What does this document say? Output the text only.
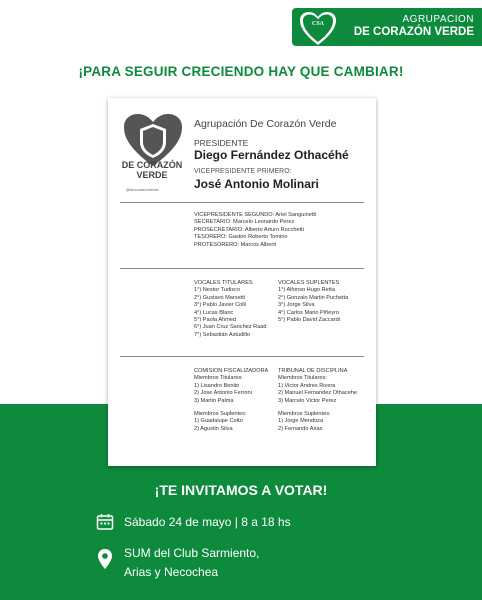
CSA	AGRUPACION
DE CORAZÓN VERDE
¡PARA SEGUIR CRECIENDO HAY QUE CAMBIAR!
DE CORAZÓN VERDE
@decorazonverde
Agrupación De Corazón Verde
PRESIDENTE
Diego Fernández Othacéhé
VICEPRESIDENTE PRIMERO:
José Antonio Molinari
VICEPRESIDENTE SEGUNDO: Ariel Sanguinetti
SECRETARIO: Marcelo Leonardo Perez
PROSECRETARIO: Alberto Arturo Rocchetti
TESORERO: Gaston Roberto Tomino
PROTESORERO: Marcos Alberti
VOCALES TITULARES
1°) Nestor Tudisco
2°) Gustavo Marsetti
3°) Pablo Javier Colli
4°) Lucas Blanc
5°) Paola Ahmed
6°) Juan Cruz Sanchez Raad
7°) Sebastián Astudillo
VOCALES SUPLENTES
1°) Alfonso Hugo Retta
2°) Gonzalo Martin Puchetta
3°) Jorge Silva
4°) Carlos Mario Piñeyro
5°) Pablo David Zaccardi
COMISION FISCALIZADORA
Miembros Titulares:
1) Lisandro Benito
2) Jose Antonio Ferroni
3) Martin Palma
Miembros Suplentes:
1) Guadalupe Cotto
2) Agustin Silva
TRIBUNAL DE DISCIPLINA
Miembros Titulares:
1) Victor Andres Rivera
2) Manuel Fernandez Othacehe
3) Marcelo Victor Perez
Miembros Suplentes:
1) Jorge Mendoza
2) Fernando Arias
¡TE INVITAMOS A VOTAR!
Sábado 24 de mayo | 8 a 18 hs
SUM del Club Sarmiento,
Arias y Necochea
